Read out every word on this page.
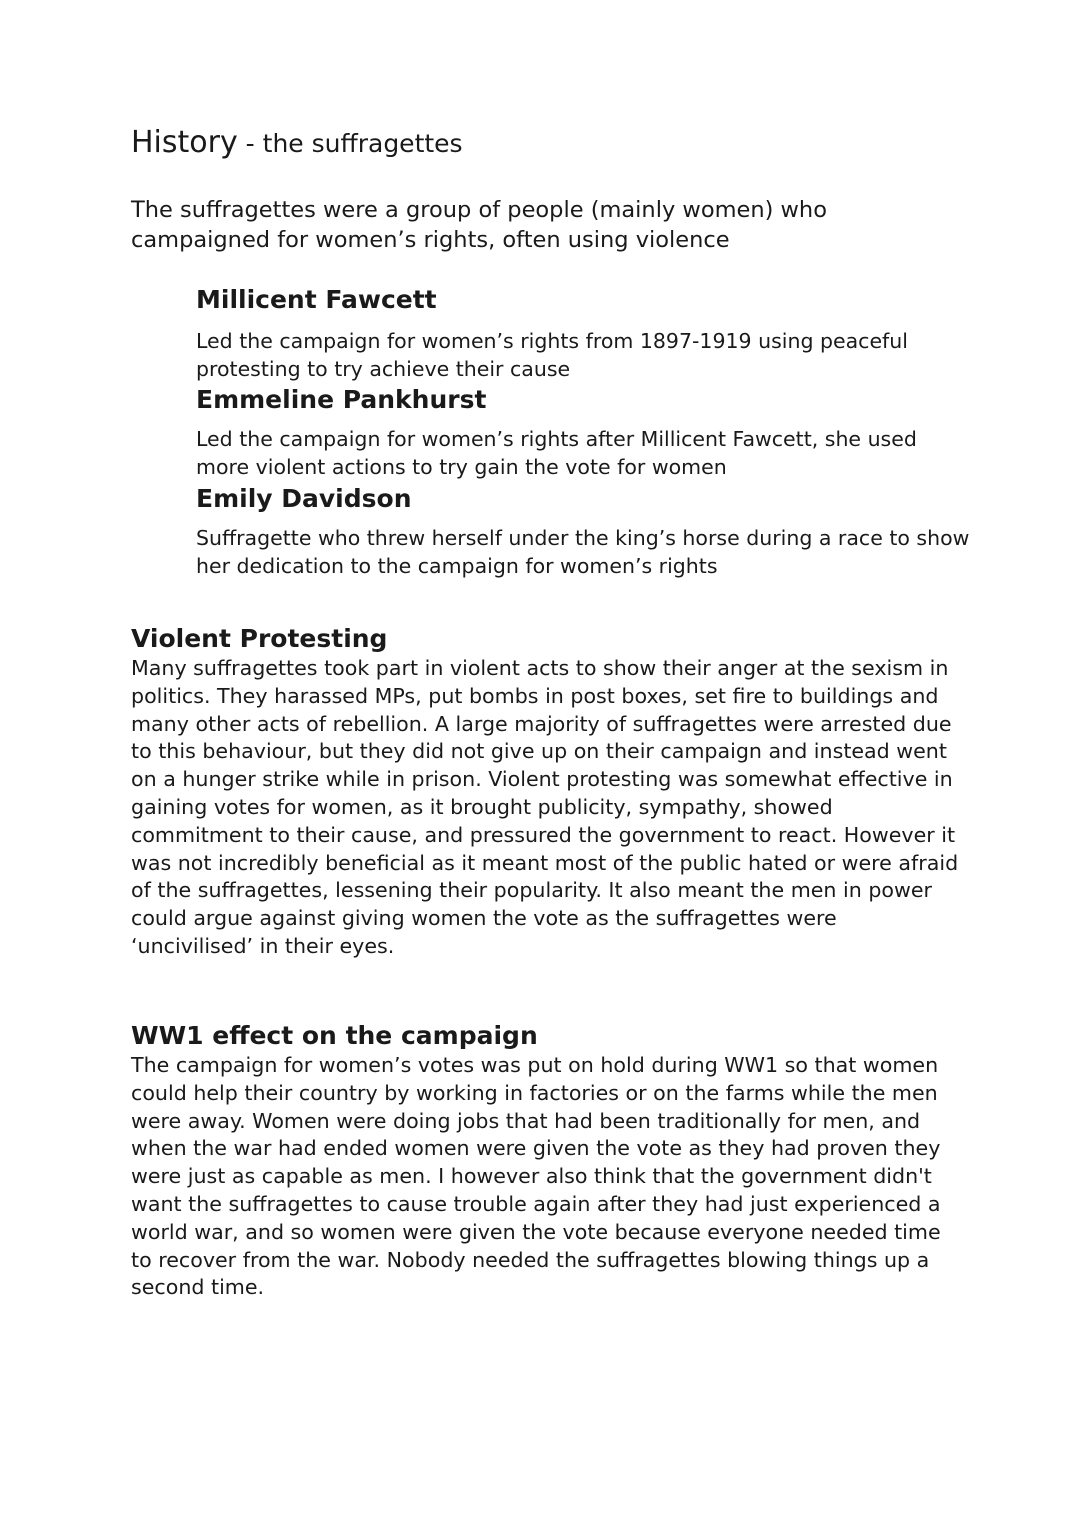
History - the suffragettes

The suffragettes were a group of people (mainly women) who campaigned for women’s rights, often using violence

Millicent Fawcett

Led the campaign for women’s rights from 1897-1919 using peaceful protesting to try achieve their cause

Emmeline Pankhurst

Led the campaign for women’s rights after Millicent Fawcett, she used more violent actions to try gain the vote for women

Emily Davidson

Suffragette who threw herself under the king’s horse during a race to show her dedication to the campaign for women’s rights

Violent Protesting

Many suffragettes took part in violent acts to show their anger at the sexism in politics. They harassed MPs, put bombs in post boxes, set fire to buildings and many other acts of rebellion. A large majority of suffragettes were arrested due to this behaviour, but they did not give up on their campaign and instead went on a hunger strike while in prison. Violent protesting was somewhat effective in gaining votes for women, as it brought publicity, sympathy, showed commitment to their cause, and pressured the government to react. However it was not incredibly beneficial as it meant most of the public hated or were afraid of the suffragettes, lessening their popularity. It also meant the men in power could argue against giving women the vote as the suffragettes were ‘uncivilised’ in their eyes.

WW1 effect on the campaign

The campaign for women’s votes was put on hold during WW1 so that women could help their country by working in factories or on the farms while the men were away. Women were doing jobs that had been traditionally for men, and when the war had ended women were given the vote as they had proven they were just as capable as men. I however also think that the government didn't want the suffragettes to cause trouble again after they had just experienced a world war, and so women were given the vote because everyone needed time to recover from the war. Nobody needed the suffragettes blowing things up a second time.
